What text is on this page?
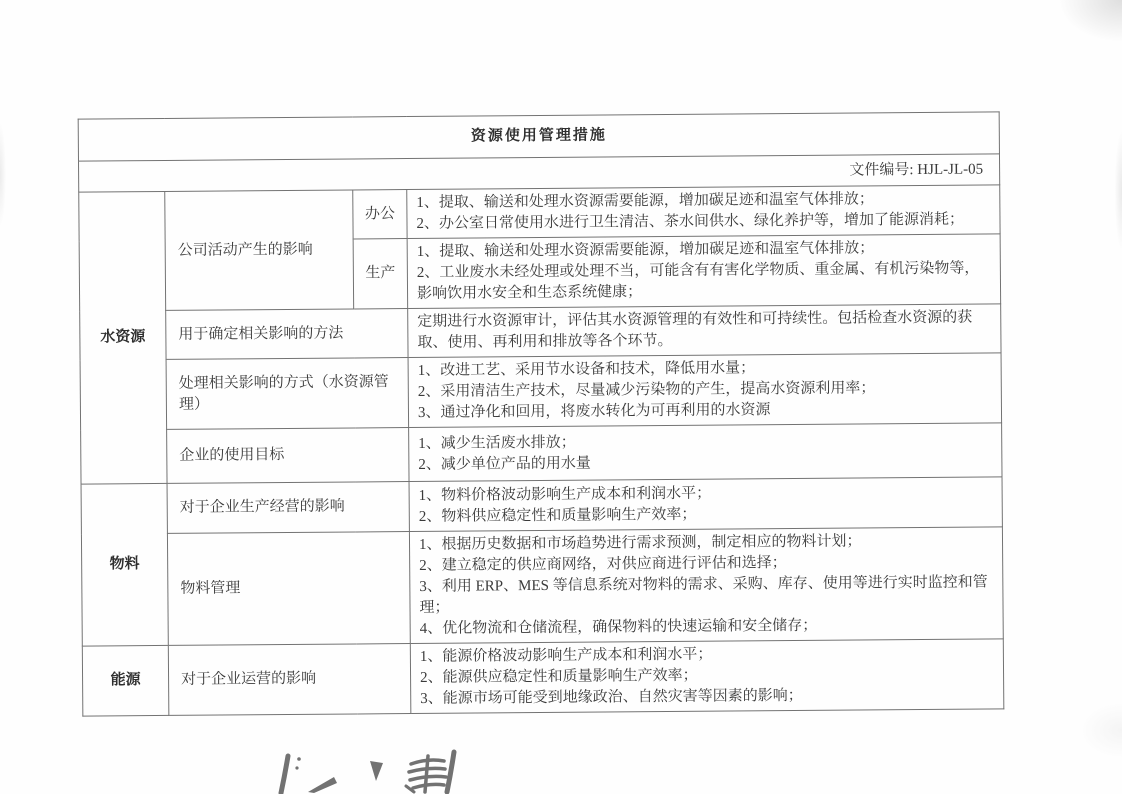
资源使用管理措施			
文件编号: HJL-JL-05			
水资源	公司活动产生的影响	办公	1、提取、输送和处理水资源需要能源，增加碳足迹和温室气体排放；
2、办公室日常使用水进行卫生清洁、茶水间供水、绿化养护等，增加了能源消耗；
		生产	1、提取、输送和处理水资源需要能源，增加碳足迹和温室气体排放；
2、工业废水未经处理或处理不当，可能含有有害化学物质、重金属、有机污染物等，影响饮用水安全和生态系统健康；
	用于确定相关影响的方法		定期进行水资源审计，评估其水资源管理的有效性和可持续性。包括检查水资源的获取、使用、再利用和排放等各个环节。
	处理相关影响的方式（水资源管理）		1、改进工艺、采用节水设备和技术，降低用水量；
2、采用清洁生产技术，尽量减少污染物的产生，提高水资源利用率；
3、通过净化和回用，将废水转化为可再利用的水资源
	企业的使用目标		1、减少生活废水排放；
2、减少单位产品的用水量
物料	对于企业生产经营的影响		1、物料价格波动影响生产成本和利润水平；
2、物料供应稳定性和质量影响生产效率；
	物料管理		1、根据历史数据和市场趋势进行需求预测，制定相应的物料计划；
2、建立稳定的供应商网络，对供应商进行评估和选择；
3、利用 ERP、MES 等信息系统对物料的需求、采购、库存、使用等进行实时监控和管理；
4、优化物流和仓储流程，确保物料的快速运输和安全储存；
能源	对于企业运营的影响		1、能源价格波动影响生产成本和利润水平；
2、能源供应稳定性和质量影响生产效率；
3、能源市场可能受到地缘政治、自然灾害等因素的影响；
